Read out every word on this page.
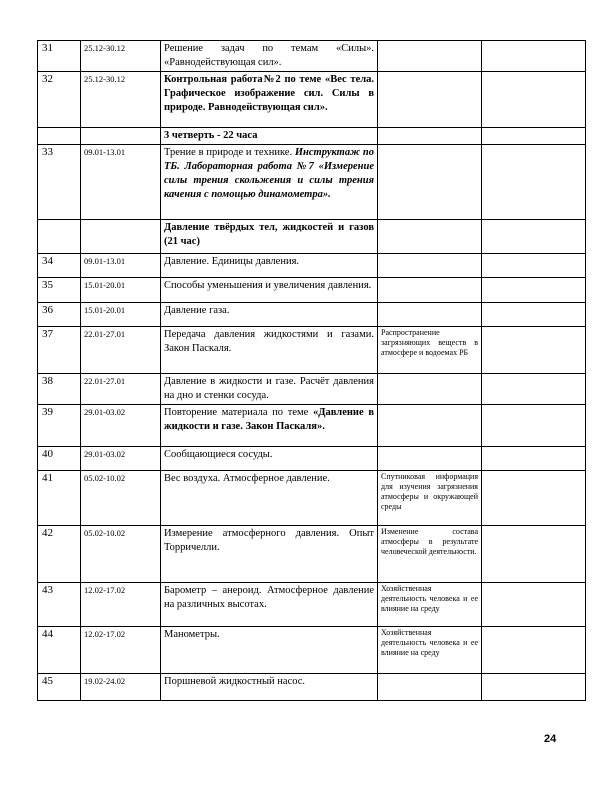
31	25.12-30.12	Решение задач по темам «Силы». «Равнодействующая сил».		
32	25.12-30.12	Контрольная работа№2 по теме «Вес тела. Графическое изображение сил. Силы в природе. Равнодействующая сил».		
		3 четверть - 22 часа		
33	09.01-13.01	Трение в природе и технике. Инструктаж по ТБ. Лабораторная работа №7 «Измерение силы трения скольжения и силы трения качения с помощью динамометра».		
		Давление твёрдых тел, жидкостей и газов (21 час)		
34	09.01-13.01	Давление. Единицы давления.		
35	15.01-20.01	Способы уменьшения и увеличения давления.		
36	15.01-20.01	Давление газа.		
37	22.01-27.01	Передача давления жидкостями и газами. Закон Паскаля.	Распространение загрязняющих веществ в атмосфере и водоемах РБ	
38	22.01-27.01	Давление в жидкости и газе. Расчёт давления на дно и стенки сосуда.		
39	29.01-03.02	Повторение материала по теме «Давление в жидкости и газе. Закон Паскаля».		
40	29.01-03.02	Сообщающиеся сосуды.		
41	05.02-10.02	Вес воздуха. Атмосферное давление.	Спутниковая информация для изучения загрязнения атмосферы и окружающей среды	
42	05.02-10.02	Измерение атмосферного давления. Опыт Торричелли.	Изменение состава атмосферы в результате человеческой деятельности.	
43	12.02-17.02	Барометр – анероид. Атмосферное давление на различных высотах.	Хозяйственная деятельность человека и ее влияние на среду	
44	12.02-17.02	Манометры.	Хозяйственная деятельность человека и ее влияние на среду	
45	19.02-24.02	Поршневой жидкостный насос.		
24
